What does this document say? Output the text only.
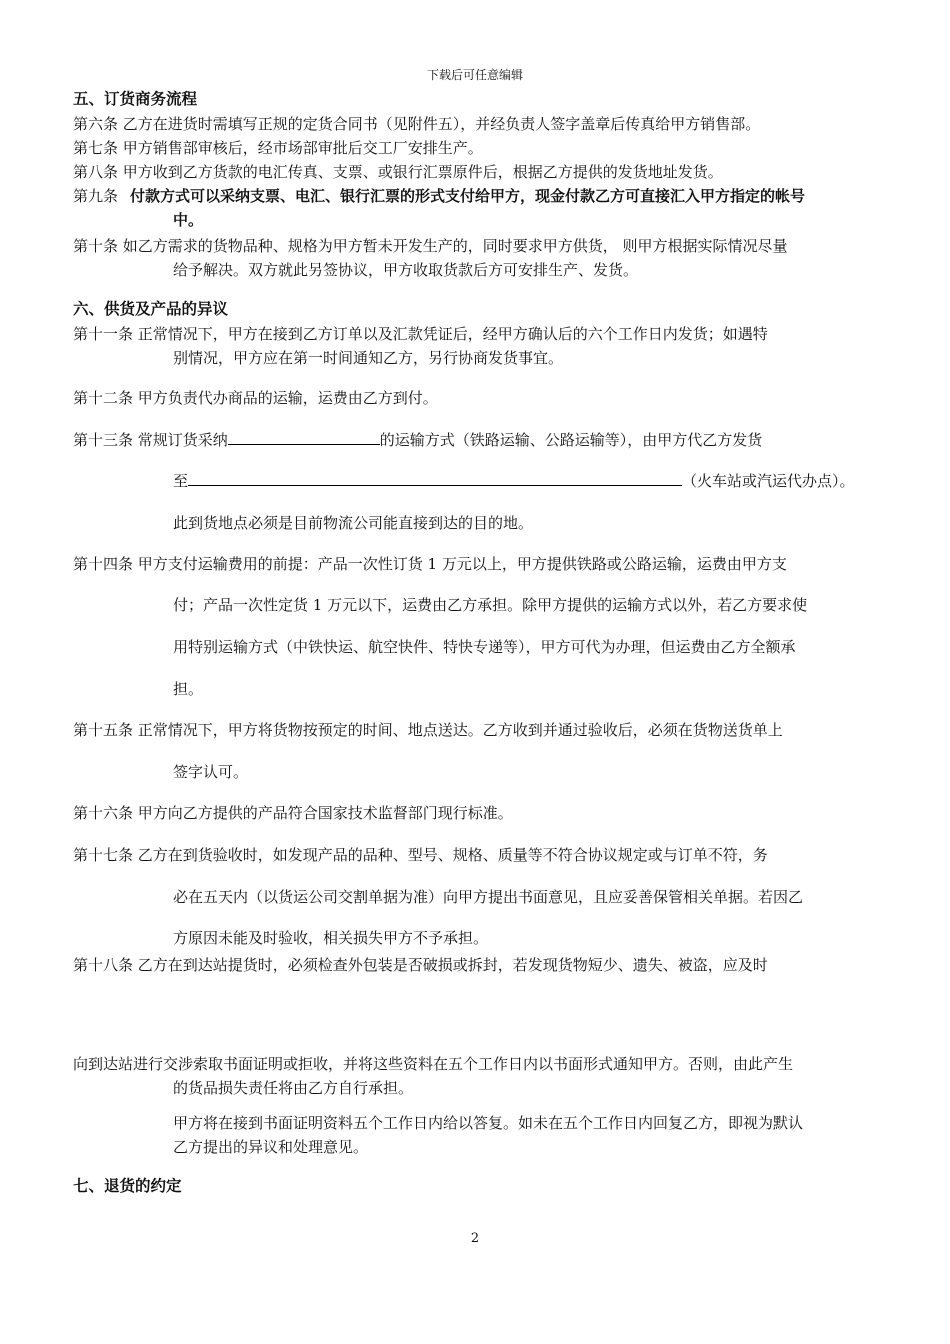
下载后可任意编辑
五、订货商务流程
第六条 乙方在进货时需填写正规的定货合同书（见附件五），并经负责人签字盖章后传真给甲方销售部。
第七条 甲方销售部审核后，经市场部审批后交工厂安排生产。
第八条 甲方收到乙方货款的电汇传真、支票、或银行汇票原件后，根据乙方提供的发货地址发货。
第九条 付款方式可以采纳支票、电汇、银行汇票的形式支付给甲方，现金付款乙方可直接汇入甲方指定的帐号
中。
第十条 如乙方需求的货物品种、规格为甲方暂未开发生产的，同时要求甲方供货， 则甲方根据实际情况尽量
给予解决。双方就此另签协议，甲方收取货款后方可安排生产、发货。
六、供货及产品的异议
第十一条 正常情况下，甲方在接到乙方订单以及汇款凭证后，经甲方确认后的六个工作日内发货；如遇特
别情况，甲方应在第一时间通知乙方，另行协商发货事宜。
第十二条 甲方负责代办商品的运输，运费由乙方到付。
第十三条 常规订货采纳	的运输方式（铁路运输、公路运输等），由甲方代乙方发货
至	（火车站或汽运代办点）。
此到货地点必须是目前物流公司能直接到达的目的地。
第十四条 甲方支付运输费用的前提：产品一次性订货 1 万元以上，甲方提供铁路或公路运输，运费由甲方支
付；产品一次性定货 1 万元以下，运费由乙方承担。除甲方提供的运输方式以外，若乙方要求使
用特别运输方式（中铁快运、航空快件、特快专递等），甲方可代为办理，但运费由乙方全额承
担。
第十五条 正常情况下，甲方将货物按预定的时间、地点送达。乙方收到并通过验收后，必须在货物送货单上
签字认可。
第十六条 甲方向乙方提供的产品符合国家技术监督部门现行标准。
第十七条 乙方在到货验收时，如发现产品的品种、型号、规格、质量等不符合协议规定或与订单不符，务
必在五天内（以货运公司交割单据为准）向甲方提出书面意见，且应妥善保管相关单据。若因乙
方原因未能及时验收，相关损失甲方不予承担。
第十八条 乙方在到达站提货时，必须检查外包装是否破损或拆封，若发现货物短少、遗失、被盗，应及时
向到达站进行交涉索取书面证明或拒收，并将这些资料在五个工作日内以书面形式通知甲方。否则，由此产生
的货品损失责任将由乙方自行承担。
甲方将在接到书面证明资料五个工作日内给以答复。如未在五个工作日内回复乙方，即视为默认
乙方提出的异议和处理意见。
七、退货的约定
2
